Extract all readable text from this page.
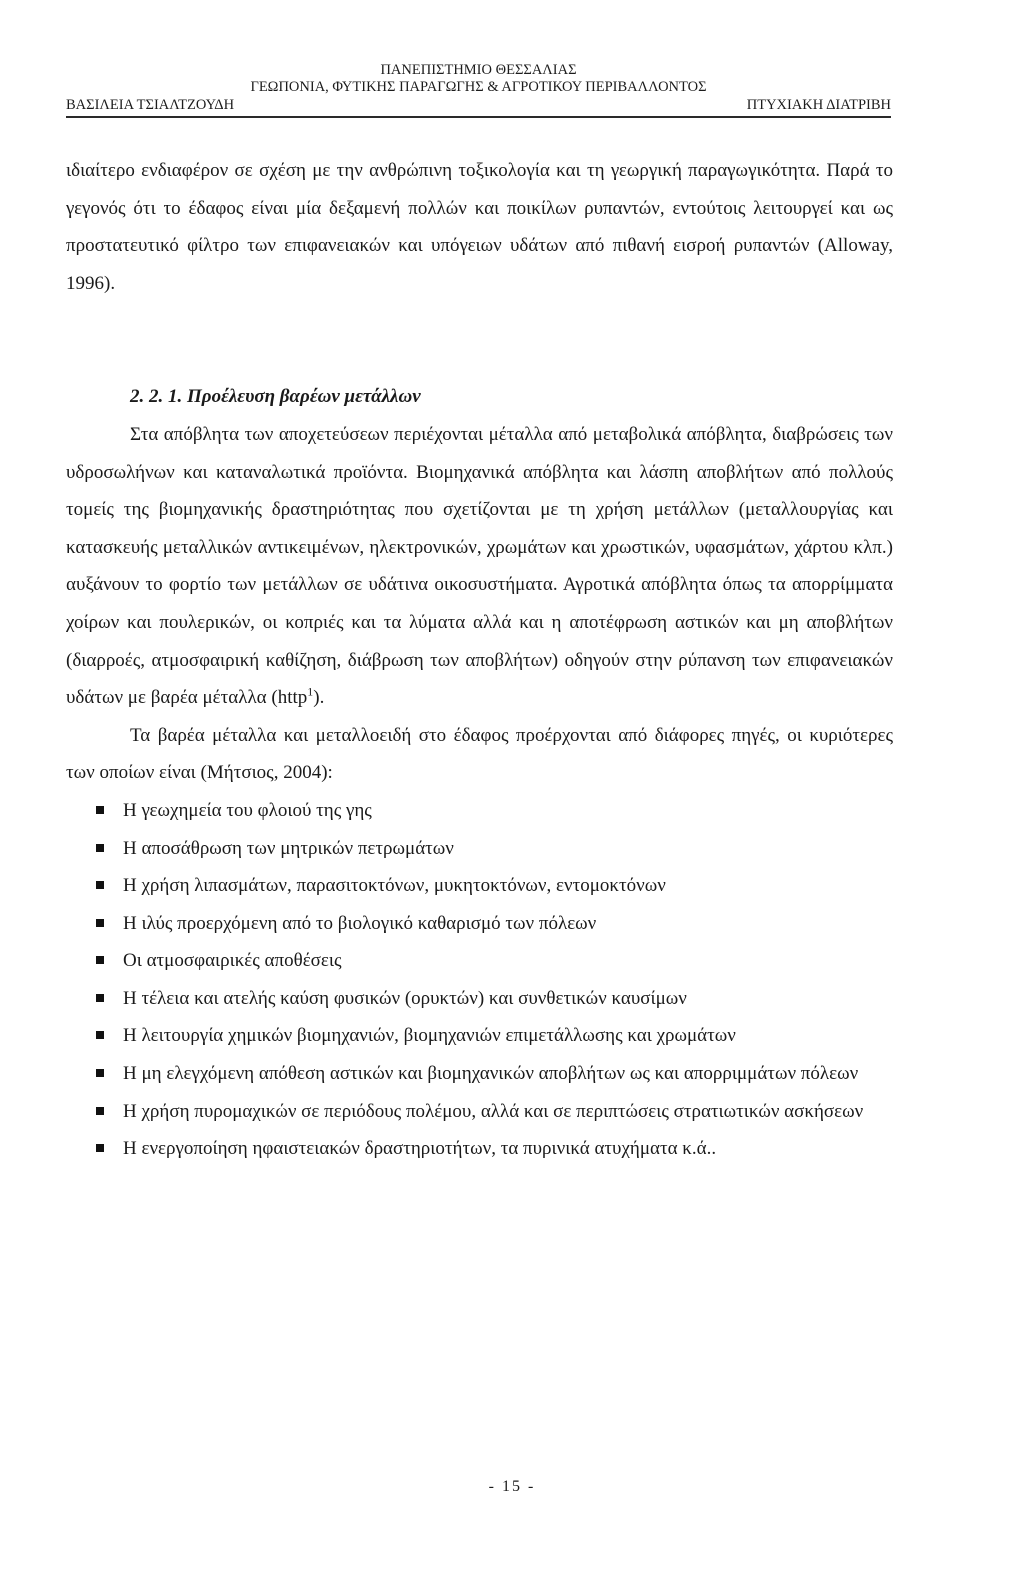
ΠΑΝΕΠΙΣΤΗΜΙΟ ΘΕΣΣΑΛΙΑΣ
ΓΕΩΠΟΝΙΑ, ΦΥΤΙΚΗΣ ΠΑΡΑΓΩΓΗΣ & ΑΓΡΟΤΙΚΟΥ ΠΕΡΙΒΑΛΛΟΝΤΟΣ
ΒΑΣΙΛΕΙΑ ΤΣΙΑΛΤΖΟΥΔΗ	ΠΤΥΧΙΑΚΗ ΔΙΑΤΡΙΒΗ

ιδιαίτερο ενδιαφέρον σε σχέση με την ανθρώπινη τοξικολογία και τη γεωργική παραγωγικότητα. Παρά το γεγονός ότι το έδαφος είναι μία δεξαμενή πολλών και ποικίλων ρυπαντών, εντούτοις λειτουργεί και ως προστατευτικό φίλτρο των επιφανειακών και υπόγειων υδάτων από πιθανή εισροή ρυπαντών (Alloway, 1996).

2. 2. 1. Προέλευση βαρέων μετάλλων

Στα απόβλητα των αποχετεύσεων περιέχονται μέταλλα από μεταβολικά απόβλητα, διαβρώσεις των υδροσωλήνων και καταναλωτικά προϊόντα. Βιομηχανικά απόβλητα και λάσπη αποβλήτων από πολλούς τομείς της βιομηχανικής δραστηριότητας που σχετίζονται με τη χρήση μετάλλων (μεταλλουργίας και κατασκευής μεταλλικών αντικειμένων, ηλεκτρονικών, χρωμάτων και χρωστικών, υφασμάτων, χάρτου κλπ.) αυξάνουν το φορτίο των μετάλλων σε υδάτινα οικοσυστήματα. Αγροτικά απόβλητα όπως τα απορρίμματα χοίρων και πουλερικών, οι κοπριές και τα λύματα αλλά και η αποτέφρωση αστικών και μη αποβλήτων (διαρροές, ατμοσφαιρική καθίζηση, διάβρωση των αποβλήτων) οδηγούν στην ρύπανση των επιφανειακών υδάτων με βαρέα μέταλλα (http$^1$).

Τα βαρέα μέταλλα και μεταλλοειδή στο έδαφος προέρχονται από διάφορες πηγές, οι κυριότερες των οποίων είναι (Μήτσιος, 2004):

Η γεωχημεία του φλοιού της γης
Η αποσάθρωση των μητρικών πετρωμάτων
Η χρήση λιπασμάτων, παρασιτοκτόνων, μυκητοκτόνων, εντομοκτόνων
Η ιλύς προερχόμενη από το βιολογικό καθαρισμό των πόλεων
Οι ατμοσφαιρικές αποθέσεις
Η τέλεια και ατελής καύση φυσικών (ορυκτών) και συνθετικών καυσίμων
Η λειτουργία χημικών βιομηχανιών, βιομηχανιών επιμετάλλωσης και χρωμάτων
Η μη ελεγχόμενη απόθεση αστικών και βιομηχανικών αποβλήτων ως και απορριμμάτων πόλεων
Η χρήση πυρομαχικών σε περιόδους πολέμου, αλλά και σε περιπτώσεις στρατιωτικών ασκήσεων
Η ενεργοποίηση ηφαιστειακών δραστηριοτήτων, τα πυρινικά ατυχήματα κ.ά..
- 15 -
